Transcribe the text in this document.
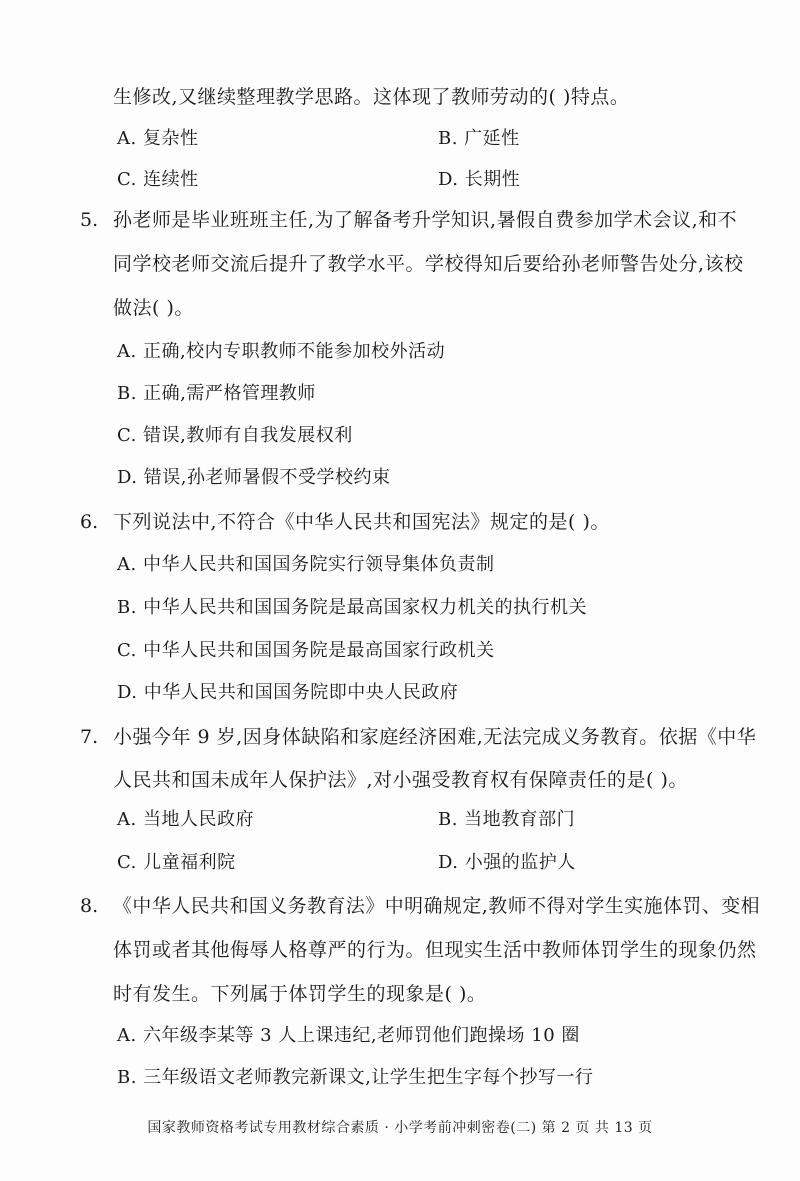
生修改,又继续整理教学思路。这体现了教师劳动的( )特点。
A. 复杂性	B. 广延性
C. 连续性	D. 长期性
5. 孙老师是毕业班班主任,为了解备考升学知识,暑假自费参加学术会议,和不
同学校老师交流后提升了教学水平。学校得知后要给孙老师警告处分,该校
做法( )。
A. 正确,校内专职教师不能参加校外活动
B. 正确,需严格管理教师
C. 错误,教师有自我发展权利
D. 错误,孙老师暑假不受学校约束
6. 下列说法中,不符合《中华人民共和国宪法》规定的是( )。
A. 中华人民共和国国务院实行领导集体负责制
B. 中华人民共和国国务院是最高国家权力机关的执行机关
C. 中华人民共和国国务院是最高国家行政机关
D. 中华人民共和国国务院即中央人民政府
7. 小强今年 9 岁,因身体缺陷和家庭经济困难,无法完成义务教育。依据《中华
人民共和国未成年人保护法》,对小强受教育权有保障责任的是( )。
A. 当地人民政府	B. 当地教育部门
C. 儿童福利院	D. 小强的监护人
8. 《中华人民共和国义务教育法》中明确规定,教师不得对学生实施体罚、变相
体罚或者其他侮辱人格尊严的行为。但现实生活中教师体罚学生的现象仍然
时有发生。下列属于体罚学生的现象是( )。
A. 六年级李某等 3 人上课违纪,老师罚他们跑操场 10 圈
B. 三年级语文老师教完新课文,让学生把生字每个抄写一行
国家教师资格考试专用教材综合素质 · 小学考前冲刺密卷(二) 第 2 页 共 13 页
